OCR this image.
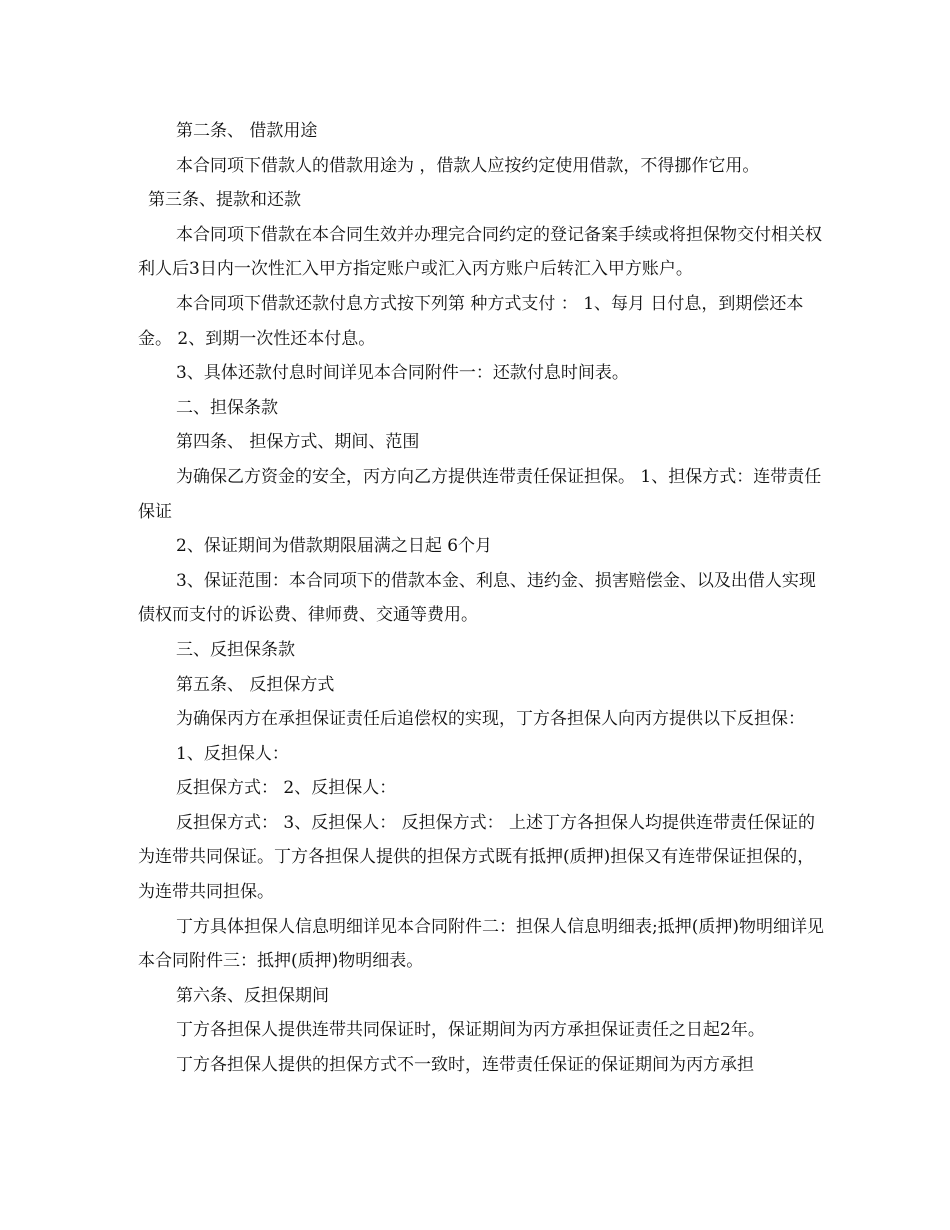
第二条、 借款用途

本合同项下借款人的借款用途为 ，借款人应按约定使用借款，不得挪作它用。

第三条、提款和还款

本合同项下借款在本合同生效并办理完合同约定的登记备案手续或将担保物交付相关权利人后3日内一次性汇入甲方指定账户或汇入丙方账户后转汇入甲方账户。

本合同项下借款还款付息方式按下列第 种方式支付 ： 1、每月 日付息，到期偿还本金。 2、到期一次性还本付息。

3、具体还款付息时间详见本合同附件一：还款付息时间表。

二、担保条款

第四条、 担保方式、期间、范围

为确保乙方资金的安全，丙方向乙方提供连带责任保证担保。 1、担保方式：连带责任保证

2、保证期间为借款期限届满之日起 6个月

3、保证范围：本合同项下的借款本金、利息、违约金、损害赔偿金、以及出借人实现债权而支付的诉讼费、律师费、交通等费用。

三、反担保条款

第五条、 反担保方式

为确保丙方在承担保证责任后追偿权的实现，丁方各担保人向丙方提供以下反担保：

1、反担保人：

反担保方式： 2、反担保人：

反担保方式： 3、反担保人： 反担保方式： 上述丁方各担保人均提供连带责任保证的为连带共同保证。丁方各担保人提供的担保方式既有抵押(质押)担保又有连带保证担保的，为连带共同担保。

丁方具体担保人信息明细详见本合同附件二：担保人信息明细表;抵押(质押)物明细详见本合同附件三：抵押(质押)物明细表。

第六条、反担保期间

丁方各担保人提供连带共同保证时，保证期间为丙方承担保证责任之日起2年。

丁方各担保人提供的担保方式不一致时，连带责任保证的保证期间为丙方承担
